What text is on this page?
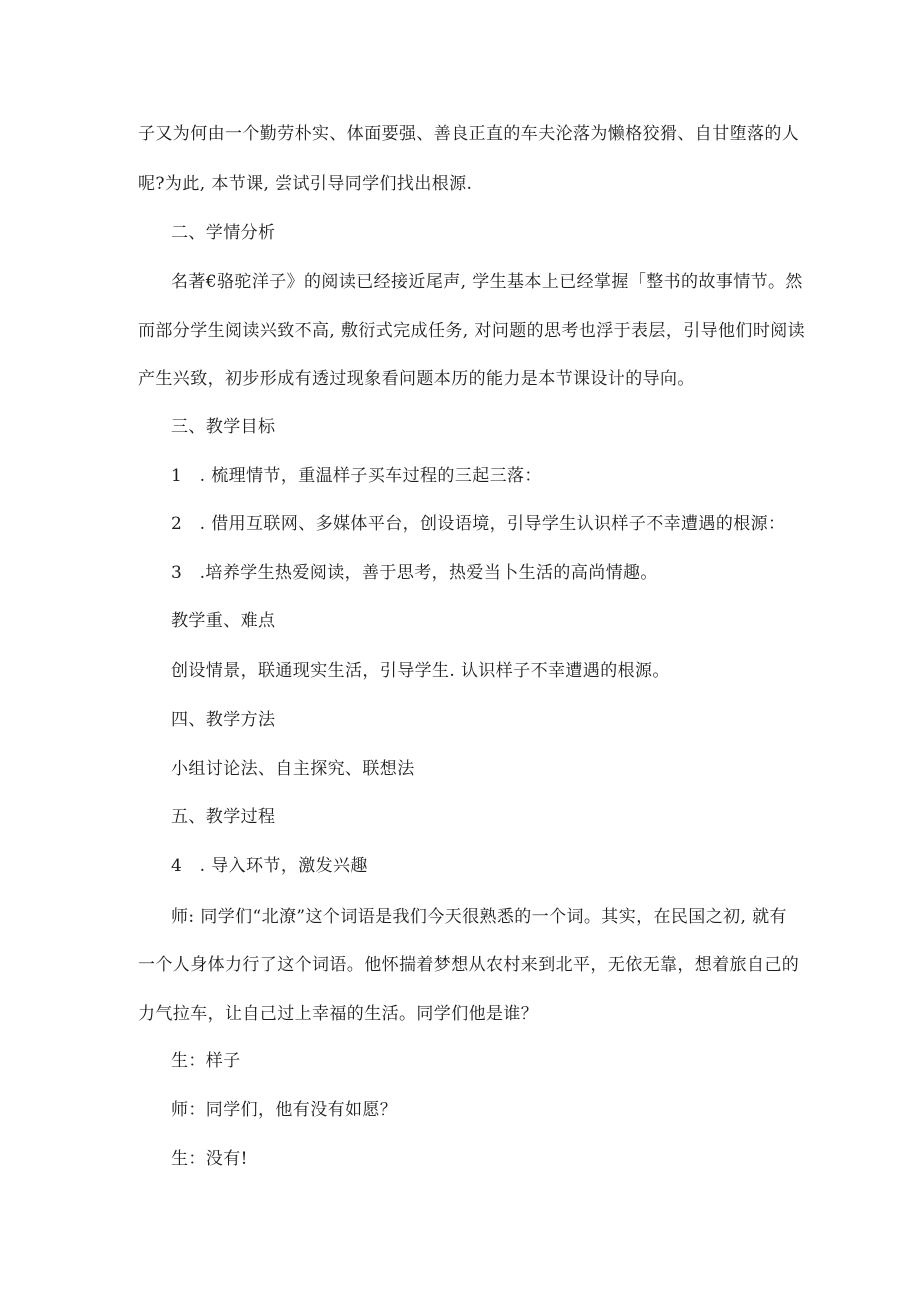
子又为何由一个勤劳朴实、体面要强、善良正直的车夫沦落为懒格狡猾、自甘堕落的人
呢?为此, 本节课, 尝试引导同学们找出根源.
二、学情分析
名著€骆驼洋子》的阅读已经接近尾声, 学生基本上已经掌握「整书的故事情节。然
而部分学生阅读兴致不高, 敷衍式完成任务, 对问题的思考也浮于表层，引导他们时阅读
产生兴致，初步形成有透过现象看问题本历的能力是本节课设计的导向。
三、教学目标
1　. 梳理情节，重温样子买车过程的三起三落：
2　. 借用互联网、多媒体平台，创设语境，引导学生认识样子不幸遭遇的根源：
3　.培养学生热爱阅读，善于思考，热爱当卜生活的高尚情趣。
教学重、难点
创设情景，联通现实生活，引导学生. 认识样子不幸遭遇的根源。
四、教学方法
小组讨论法、自主探究、联想法
五、教学过程
4　. 导入环节，激发兴趣
师: 同学们“北潦”这个词语是我们今天很熟悉的一个词。其实，在民国之初, 就有
一个人身体力行了这个词语。他怀揣着梦想从农村来到北平，无依无靠，想着旅自己的
力气拉车，让自己过上幸福的生活。同学们他是谁？
生：样子
师：同学们，他有没有如愿？
生：没有!
